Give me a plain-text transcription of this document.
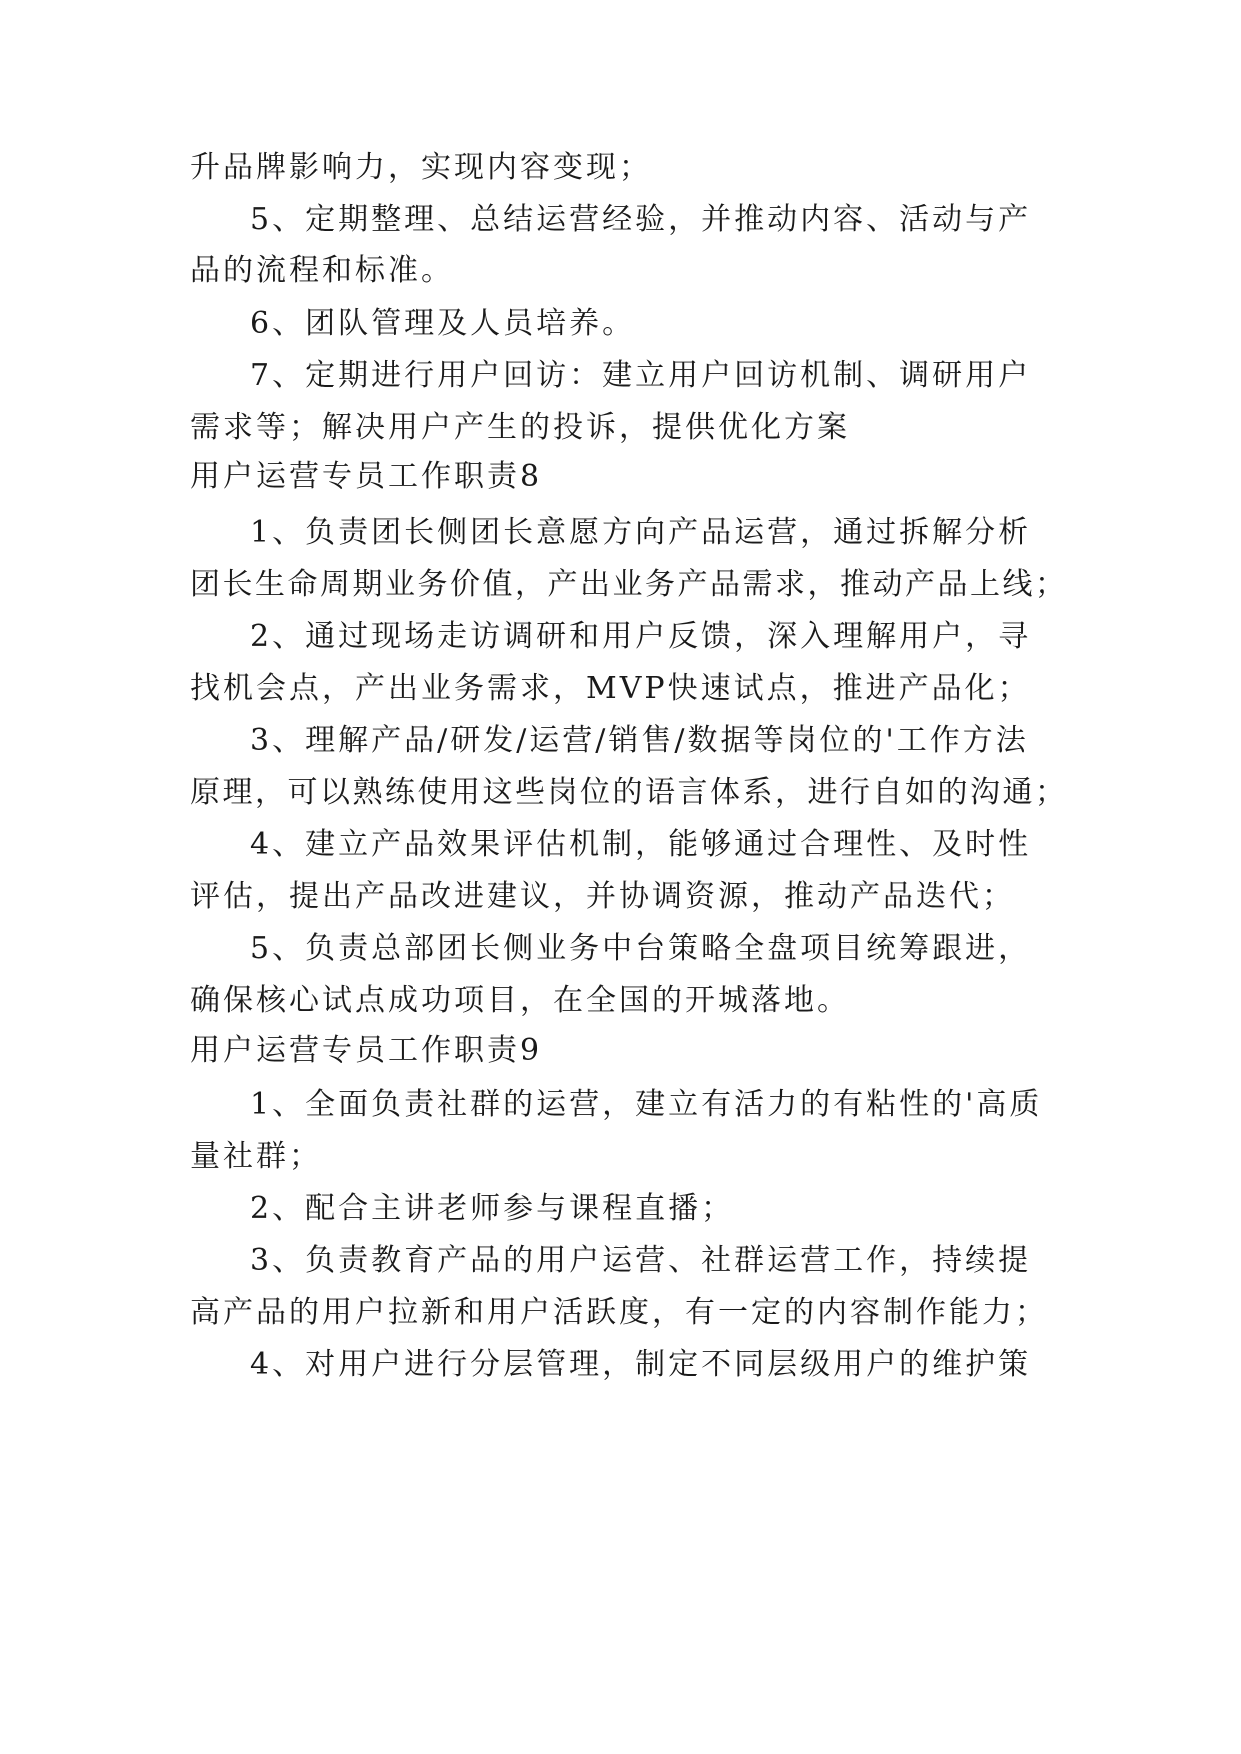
升品牌影响力，实现内容变现；
5、定期整理、总结运营经验，并推动内容、活动与产
品的流程和标准。
6、团队管理及人员培养。
7、定期进行用户回访：建立用户回访机制、调研用户
需求等；解决用户产生的投诉，提供优化方案
用户运营专员工作职责8
1、负责团长侧团长意愿方向产品运营，通过拆解分析
团长生命周期业务价值，产出业务产品需求，推动产品上线；
2、通过现场走访调研和用户反馈，深入理解用户，寻
找机会点，产出业务需求，MVP快速试点，推进产品化；
3、理解产品/研发/运营/销售/数据等岗位的'工作方法
原理，可以熟练使用这些岗位的语言体系，进行自如的沟通；
4、建立产品效果评估机制，能够通过合理性、及时性
评估，提出产品改进建议，并协调资源，推动产品迭代；
5、负责总部团长侧业务中台策略全盘项目统筹跟进，
确保核心试点成功项目，在全国的开城落地。
用户运营专员工作职责9
1、全面负责社群的运营，建立有活力的有粘性的'高质
量社群；
2、配合主讲老师参与课程直播；
3、负责教育产品的用户运营、社群运营工作，持续提
高产品的用户拉新和用户活跃度，有一定的内容制作能力；
4、对用户进行分层管理，制定不同层级用户的维护策
